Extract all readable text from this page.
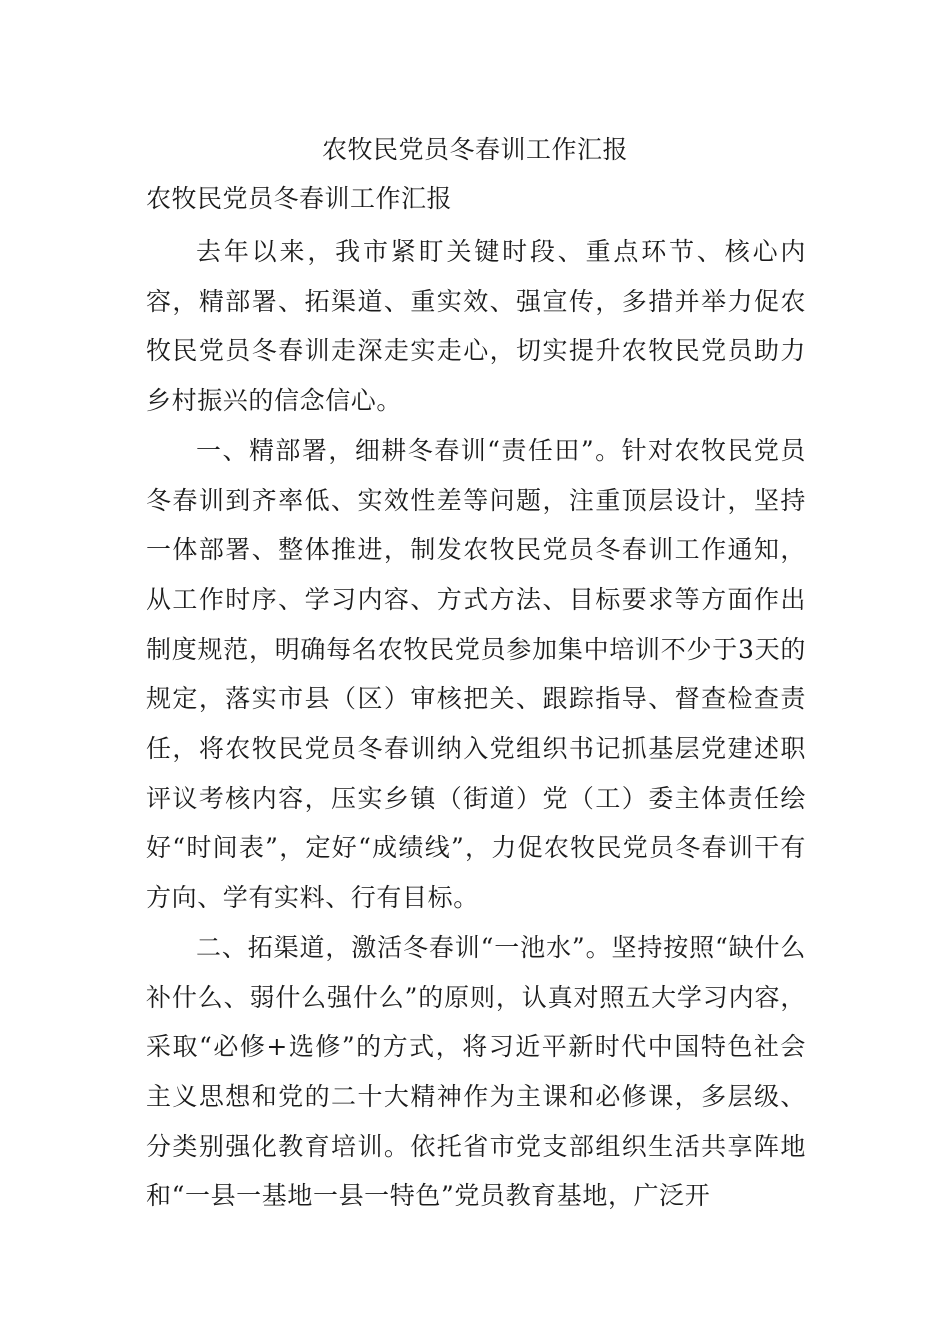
农牧民党员冬春训工作汇报
农牧民党员冬春训工作汇报

去年以来，我市紧盯关键时段、重点环节、核心内容，精部署、拓渠道、重实效、强宣传，多措并举力促农牧民党员冬春训走深走实走心，切实提升农牧民党员助力乡村振兴的信念信心。

一、精部署，细耕冬春训“责任田”。针对农牧民党员冬春训到齐率低、实效性差等问题，注重顶层设计，坚持一体部署、整体推进，制发农牧民党员冬春训工作通知，从工作时序、学习内容、方式方法、目标要求等方面作出制度规范，明确每名农牧民党员参加集中培训不少于3天的规定，落实市县（区）审核把关、跟踪指导、督查检查责任，将农牧民党员冬春训纳入党组织书记抓基层党建述职评议考核内容，压实乡镇（街道）党（工）委主体责任绘好“时间表”，定好“成绩线”，力促农牧民党员冬春训干有方向、学有实料、行有目标。

二、拓渠道，激活冬春训“一池水”。坚持按照“缺什么补什么、弱什么强什么”的原则，认真对照五大学习内容，采取“必修+选修”的方式，将习近平新时代中国特色社会主义思想和党的二十大精神作为主课和必修课，多层级、分类别强化教育培训。依托省市党支部组织生活共享阵地和“一县一基地一县一特色”党员教育基地，广泛开
